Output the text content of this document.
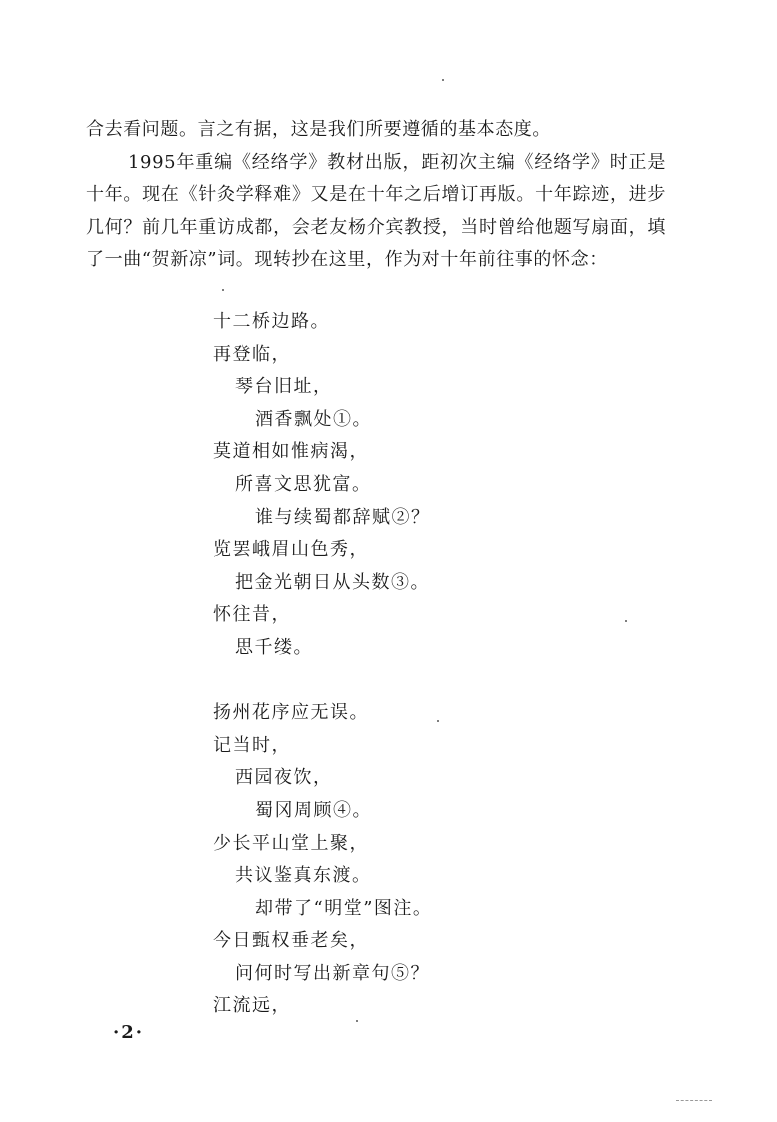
合去看问题。言之有据，这是我们所要遵循的基本态度。

1995年重编《经络学》教材出版，距初次主编《经络学》时正是十年。现在《针灸学释难》又是在十年之后增订再版。十年踪迹，进步几何？前几年重访成都，会老友杨介宾教授，当时曾给他题写扇面，填了一曲“贺新凉”词。现转抄在这里，作为对十年前往事的怀念：

十二桥边路。
再登临，
琴台旧址，
酒香飘处①。
莫道相如惟病渴，
所喜文思犹富。
谁与续蜀都辞赋②？
览罢峨眉山色秀，
把金光朝日从头数③。
怀往昔，
思千缕。
扬州花序应无误。
记当时，
西园夜饮，
蜀冈周顾④。
少长平山堂上聚，
共议鉴真东渡。
却带了“明堂”图注。
今日甄权垂老矣，
问何时写出新章句⑤？
江流远，
·2·
